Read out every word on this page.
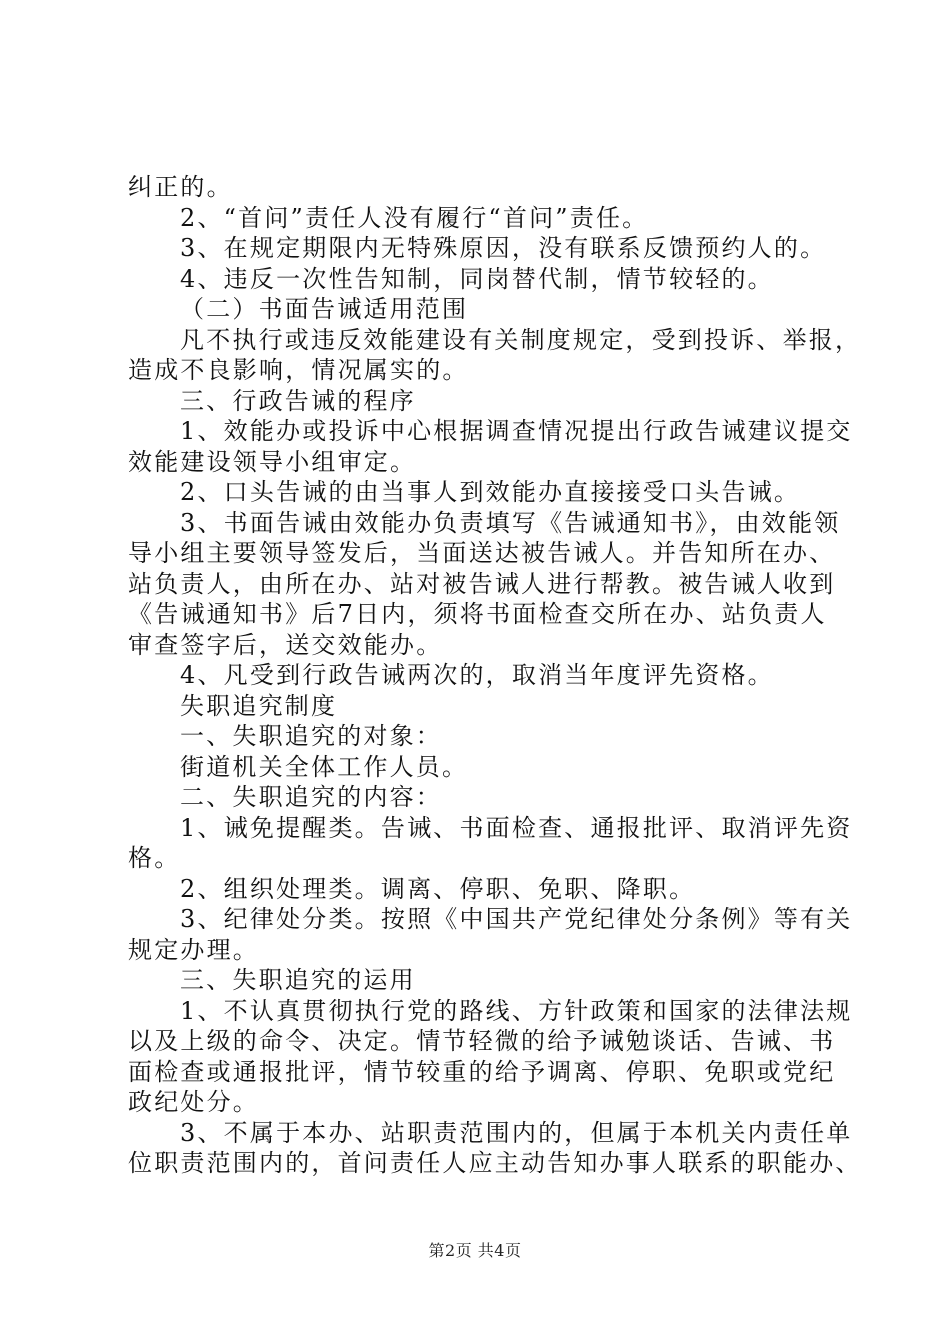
纠正的。
2、“首问”责任人没有履行“首问”责任。
3、在规定期限内无特殊原因，没有联系反馈预约人的。
4、违反一次性告知制，同岗替代制，情节较轻的。
（二）书面告诫适用范围
凡不执行或违反效能建设有关制度规定，受到投诉、举报，
造成不良影响，情况属实的。
三、行政告诫的程序
1、效能办或投诉中心根据调查情况提出行政告诫建议提交
效能建设领导小组审定。
2、口头告诫的由当事人到效能办直接接受口头告诫。
3、书面告诫由效能办负责填写《告诫通知书》，由效能领
导小组主要领导签发后，当面送达被告诫人。并告知所在办、
站负责人，由所在办、站对被告诫人进行帮教。被告诫人收到
《告诫通知书》后7日内，须将书面检查交所在办、站负责人
审查签字后，送交效能办。
4、凡受到行政告诫两次的，取消当年度评先资格。
失职追究制度
一、失职追究的对象：
街道机关全体工作人员。
二、失职追究的内容：
1、诫免提醒类。告诫、书面检查、通报批评、取消评先资
格。
2、组织处理类。调离、停职、免职、降职。
3、纪律处分类。按照《中国共产党纪律处分条例》等有关
规定办理。
三、失职追究的运用
1、不认真贯彻执行党的路线、方针政策和国家的法律法规
以及上级的命令、决定。情节轻微的给予诫勉谈话、告诫、书
面检查或通报批评，情节较重的给予调离、停职、免职或党纪
政纪处分。
3、不属于本办、站职责范围内的，但属于本机关内责任单
位职责范围内的，首问责任人应主动告知办事人联系的职能办、
第2页 共4页
